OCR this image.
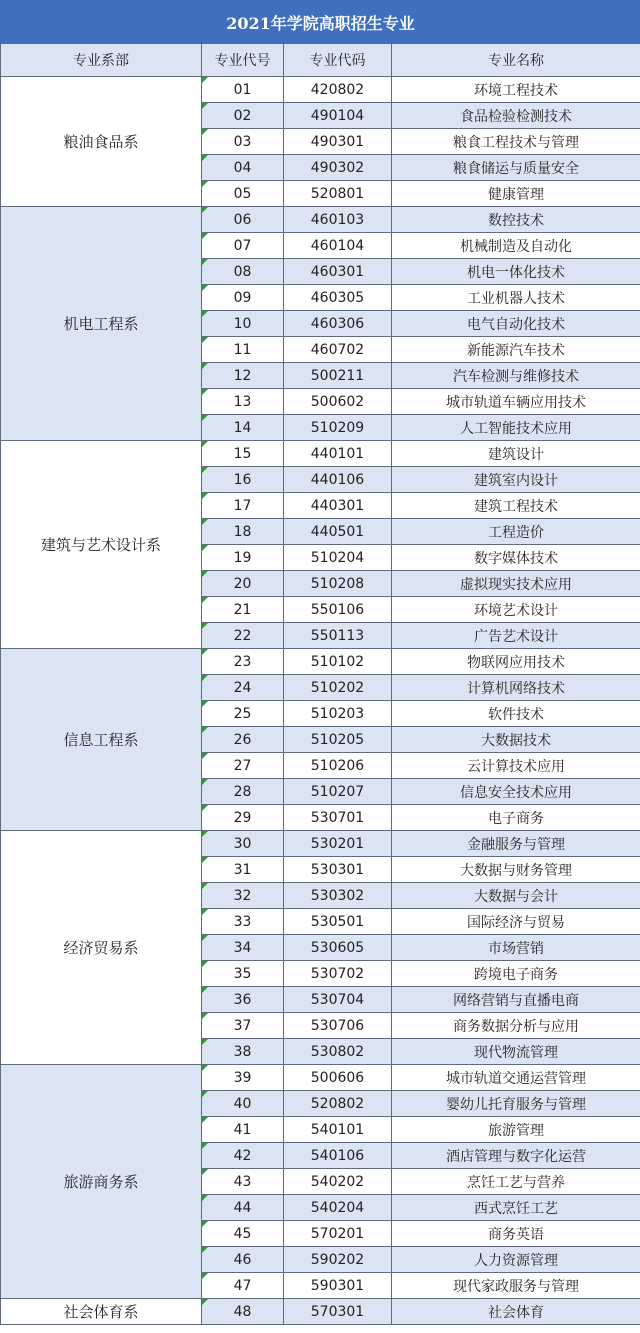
2021年学院高职招生专业			
专业系部	专业代号	专业代码	专业名称
粮油食品系	01	420802	环境工程技术
	02	490104	食品检验检测技术
	03	490301	粮食工程技术与管理
	04	490302	粮食储运与质量安全
	05	520801	健康管理
机电工程系	06	460103	数控技术
	07	460104	机械制造及自动化
	08	460301	机电一体化技术
	09	460305	工业机器人技术
	10	460306	电气自动化技术
	11	460702	新能源汽车技术
	12	500211	汽车检测与维修技术
	13	500602	城市轨道车辆应用技术
	14	510209	人工智能技术应用
建筑与艺术设计系	15	440101	建筑设计
	16	440106	建筑室内设计
	17	440301	建筑工程技术
	18	440501	工程造价
	19	510204	数字媒体技术
	20	510208	虚拟现实技术应用
	21	550106	环境艺术设计
	22	550113	广告艺术设计
信息工程系	23	510102	物联网应用技术
	24	510202	计算机网络技术
	25	510203	软件技术
	26	510205	大数据技术
	27	510206	云计算技术应用
	28	510207	信息安全技术应用
	29	530701	电子商务
经济贸易系	30	530201	金融服务与管理
	31	530301	大数据与财务管理
	32	530302	大数据与会计
	33	530501	国际经济与贸易
	34	530605	市场营销
	35	530702	跨境电子商务
	36	530704	网络营销与直播电商
	37	530706	商务数据分析与应用
	38	530802	现代物流管理
旅游商务系	39	500606	城市轨道交通运营管理
	40	520802	婴幼儿托育服务与管理
	41	540101	旅游管理
	42	540106	酒店管理与数字化运营
	43	540202	烹饪工艺与营养
	44	540204	西式烹饪工艺
	45	570201	商务英语
	46	590202	人力资源管理
	47	590301	现代家政服务与管理
社会体育系	48	570301	社会体育
